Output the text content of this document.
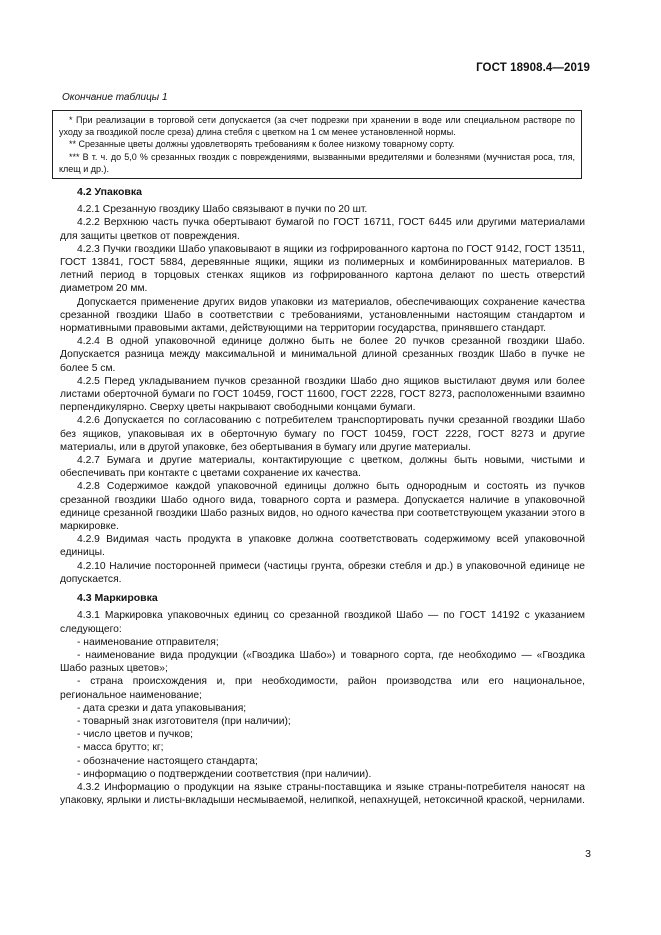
ГОСТ 18908.4—2019
Окончание таблицы 1

* При реализации в торговой сети допускается (за счет подрезки при хранении в воде или специальном растворе по уходу за гвоздикой после среза) длина стебля с цветком на 1 см менее установленной нормы.

** Срезанные цветы должны удовлетворять требованиям к более низкому товарному сорту.

*** В т. ч. до 5,0 % срезанных гвоздик с повреждениями, вызванными вредителями и болезнями (мучнистая роса, тля, клещ и др.).

4.2 Упаковка

4.2.1 Срезанную гвоздику Шабо связывают в пучки по 20 шт.

4.2.2 Верхнюю часть пучка обертывают бумагой по ГОСТ 16711, ГОСТ 6445 или другими материалами для защиты цветков от повреждения.

4.2.3 Пучки гвоздики Шабо упаковывают в ящики из гофрированного картона по ГОСТ 9142, ГОСТ 13511, ГОСТ 13841, ГОСТ 5884, деревянные ящики, ящики из полимерных и комбинированных материалов. В летний период в торцовых стенках ящиков из гофрированного картона делают по шесть отверстий диаметром 20 мм.

Допускается применение других видов упаковки из материалов, обеспечивающих сохранение качества срезанной гвоздики Шабо в соответствии с требованиями, установленными настоящим стандартом и нормативными правовыми актами, действующими на территории государства, принявшего стандарт.

4.2.4 В одной упаковочной единице должно быть не более 20 пучков срезанной гвоздики Шабо. Допускается разница между максимальной и минимальной длиной срезанных гвоздик Шабо в пучке не более 5 см.

4.2.5 Перед укладыванием пучков срезанной гвоздики Шабо дно ящиков выстилают двумя или более листами оберточной бумаги по ГОСТ 10459, ГОСТ 11600, ГОСТ 2228, ГОСТ 8273, расположенными взаимно перпендикулярно. Сверху цветы накрывают свободными концами бумаги.

4.2.6 Допускается по согласованию с потребителем транспортировать пучки срезанной гвоздики Шабо без ящиков, упаковывая их в оберточную бумагу по ГОСТ 10459, ГОСТ 2228, ГОСТ 8273 и другие материалы, или в другой упаковке, без обертывания в бумагу или другие материалы.

4.2.7 Бумага и другие материалы, контактирующие с цветком, должны быть новыми, чистыми и обеспечивать при контакте с цветами сохранение их качества.

4.2.8 Содержимое каждой упаковочной единицы должно быть однородным и состоять из пучков срезанной гвоздики Шабо одного вида, товарного сорта и размера. Допускается наличие в упаковочной единице срезанной гвоздики Шабо разных видов, но одного качества при соответствующем указании этого в маркировке.

4.2.9 Видимая часть продукта в упаковке должна соответствовать содержимому всей упаковочной единицы.

4.2.10 Наличие посторонней примеси (частицы грунта, обрезки стебля и др.) в упаковочной единице не допускается.

4.3 Маркировка

4.3.1 Маркировка упаковочных единиц со срезанной гвоздикой Шабо — по ГОСТ 14192 с указанием следующего:

- наименование отправителя;

- наименование вида продукции («Гвоздика Шабо») и товарного сорта, где необходимо — «Гвоздика Шабо разных цветов»;

- страна происхождения и, при необходимости, район производства или его национальное, региональное наименование;

- дата срезки и дата упаковывания;

- товарный знак изготовителя (при наличии);

- число цветов и пучков;

- масса брутто; кг;

- обозначение настоящего стандарта;

- информацию о подтверждении соответствия (при наличии).

4.3.2 Информацию о продукции на языке страны-поставщика и языке страны-потребителя наносят на упаковку, ярлыки и листы-вкладыши несмываемой, нелипкой, непахнущей, нетоксичной краской, чернилами.

3
